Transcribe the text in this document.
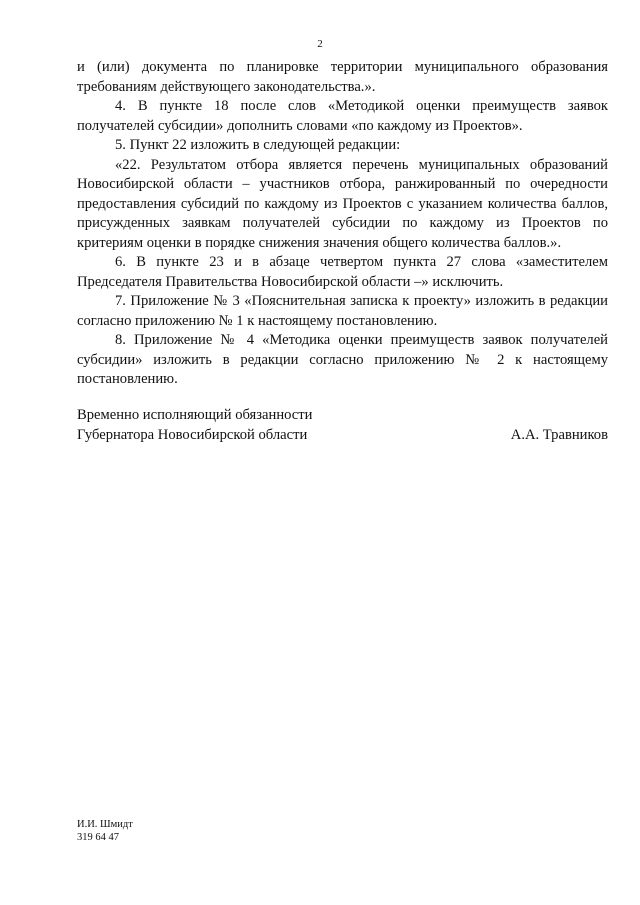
2

и (или) документа по планировке территории муниципального образования требованиям действующего законодательства.».

4. В пункте 18 после слов «Методикой оценки преимуществ заявок получателей субсидии» дополнить словами «по каждому из Проектов».

5. Пункт 22 изложить в следующей редакции:

«22. Результатом отбора является перечень муниципальных образований Новосибирской области – участников отбора, ранжированный по очередности предоставления субсидий по каждому из Проектов с указанием количества баллов, присужденных заявкам получателей субсидии по каждому из Проектов по критериям оценки в порядке снижения значения общего количества баллов.».

6. В пункте 23 и в абзаце четвертом пункта 27 слова «заместителем Председателя Правительства Новосибирской области –» исключить.

7. Приложение № 3 «Пояснительная записка к проекту» изложить в редакции согласно приложению № 1 к настоящему постановлению.

8. Приложение № 4 «Методика оценки преимуществ заявок получателей субсидии» изложить в редакции согласно приложению № 2 к настоящему постановлению.

Временно исполняющий обязанности
Губернатора Новосибирской области	А.А. Травников
И.И. Шмидт
319 64 47
